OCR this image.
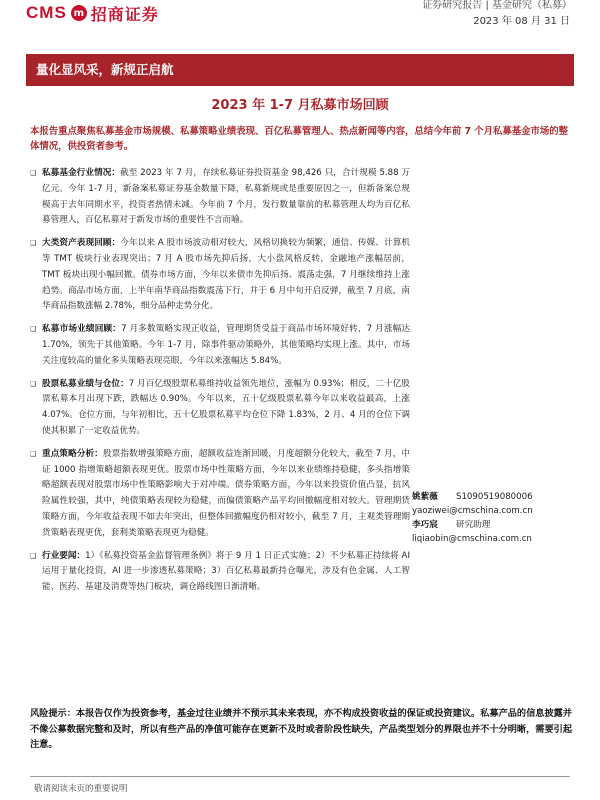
CMS m 招商证券	证券研究报告 | 基金研究（私募）
2023 年 08 月 31 日
量化显风采，新规正启航
2023 年 1-7 月私募市场回顾
本报告重点聚焦私募基金市场规模、私募策略业绩表现、百亿私募管理人、热点新闻等内容，总结今年前 7 个月私募基金市场的整体情况，供投资者参考。
❑ 私募基金行业情况：截至 2023 年 7 月，存续私募证券投资基金 98,426 只，合计规模 5.88 万亿元。今年 1-7 月，新备案私募证券基金数量下降，私募新规或是重要原因之一，但新备案总规模高于去年同期水平，投资者热情未减。今年前 7 个月，发行数量靠前的私募管理人均为百亿私募管理人，百亿私募对于新发市场的重要性不言而喻。
❑ 大类资产表现回顾：今年以来 A 股市场波动相对较大，风格切换较为频繁，通信、传媒、计算机等 TMT 板块行业表现突出；7 月 A 股市场先抑后扬，大小盘风格反转，金融地产涨幅居前，TMT 板块出现小幅回撤。债券市场方面，今年以来债市先抑后扬、震荡走强，7 月继续维持上涨趋势。商品市场方面，上半年南华商品指数震荡下行，并于 6 月中旬开启反弹，截至 7 月底，南华商品指数涨幅 2.78%，细分品种走势分化。
❑ 私募市场业绩回顾：7 月多数策略实现正收益，管理期货受益于商品市场环境好转，7 月涨幅达 1.70%，领先于其他策略。今年 1-7 月，除事件驱动策略外，其他策略均实现上涨。其中，市场关注度较高的量化多头策略表现亮眼，今年以来涨幅达 5.84%。
❑ 股票私募业绩与仓位：7 月百亿级股票私募维持收益领先地位，涨幅为 0.93%；相反，二十亿股票私募本月出现下跌，跌幅达 0.90%。今年以来，五十亿级股票私募今年以来收益最高，上涨 4.07%。仓位方面，与年初相比，五十亿股票私募平均仓位下降 1.83%，2 月、4 月的仓位下调使其积累了一定收益优势。
❑ 重点策略分析：股票指数增强策略方面，超额收益连渐回暖，月度超额分化较大，截至 7 月，中证 1000 指增策略超额表现更优。股票市场中性策略方面，今年以来业绩维持稳健，多头指增策略超额表现对股票市场中性策略影响大于对冲端。债券策略方面，今年以来投资价值凸显，抗风险属性较强，其中，纯债策略表现较为稳健，而偏债策略产品平均回撤幅度相对较大。管理期货策略方面，今年收益表现不如去年突出，但整体回撤幅度仍相对较小，截至 7 月，主观类管理期货策略表现更优，套利类策略表现更为稳健。
❑ 行业要闻：1）《私募投资基金监督管理条例》将于 9 月 1 日正式实施；2）不少私募正持续将 AI 运用于量化投资，AI 进一步渗透私募策略；3）百亿私募最新持仓曝光，涉及有色金属、人工智能、医药、基建及消费等热门板块，调仓路线图日渐清晰。
姚紫薇	S1090519080006
yaoziwei@cmschina.com.cn
李巧宸	研究助理
liqiaobin@cmschina.com.cn
风险提示：本报告仅作为投资参考，基金过往业绩并不预示其未来表现，亦不构成投资收益的保证或投资建议。私募产品的信息披露并不像公募数据完整和及时，所以有些产品的净值可能存在更新不及时或者阶段性缺失，产品类型划分的界限也并不十分明晰，需要引起注意。
敬请阅读末页的重要说明
